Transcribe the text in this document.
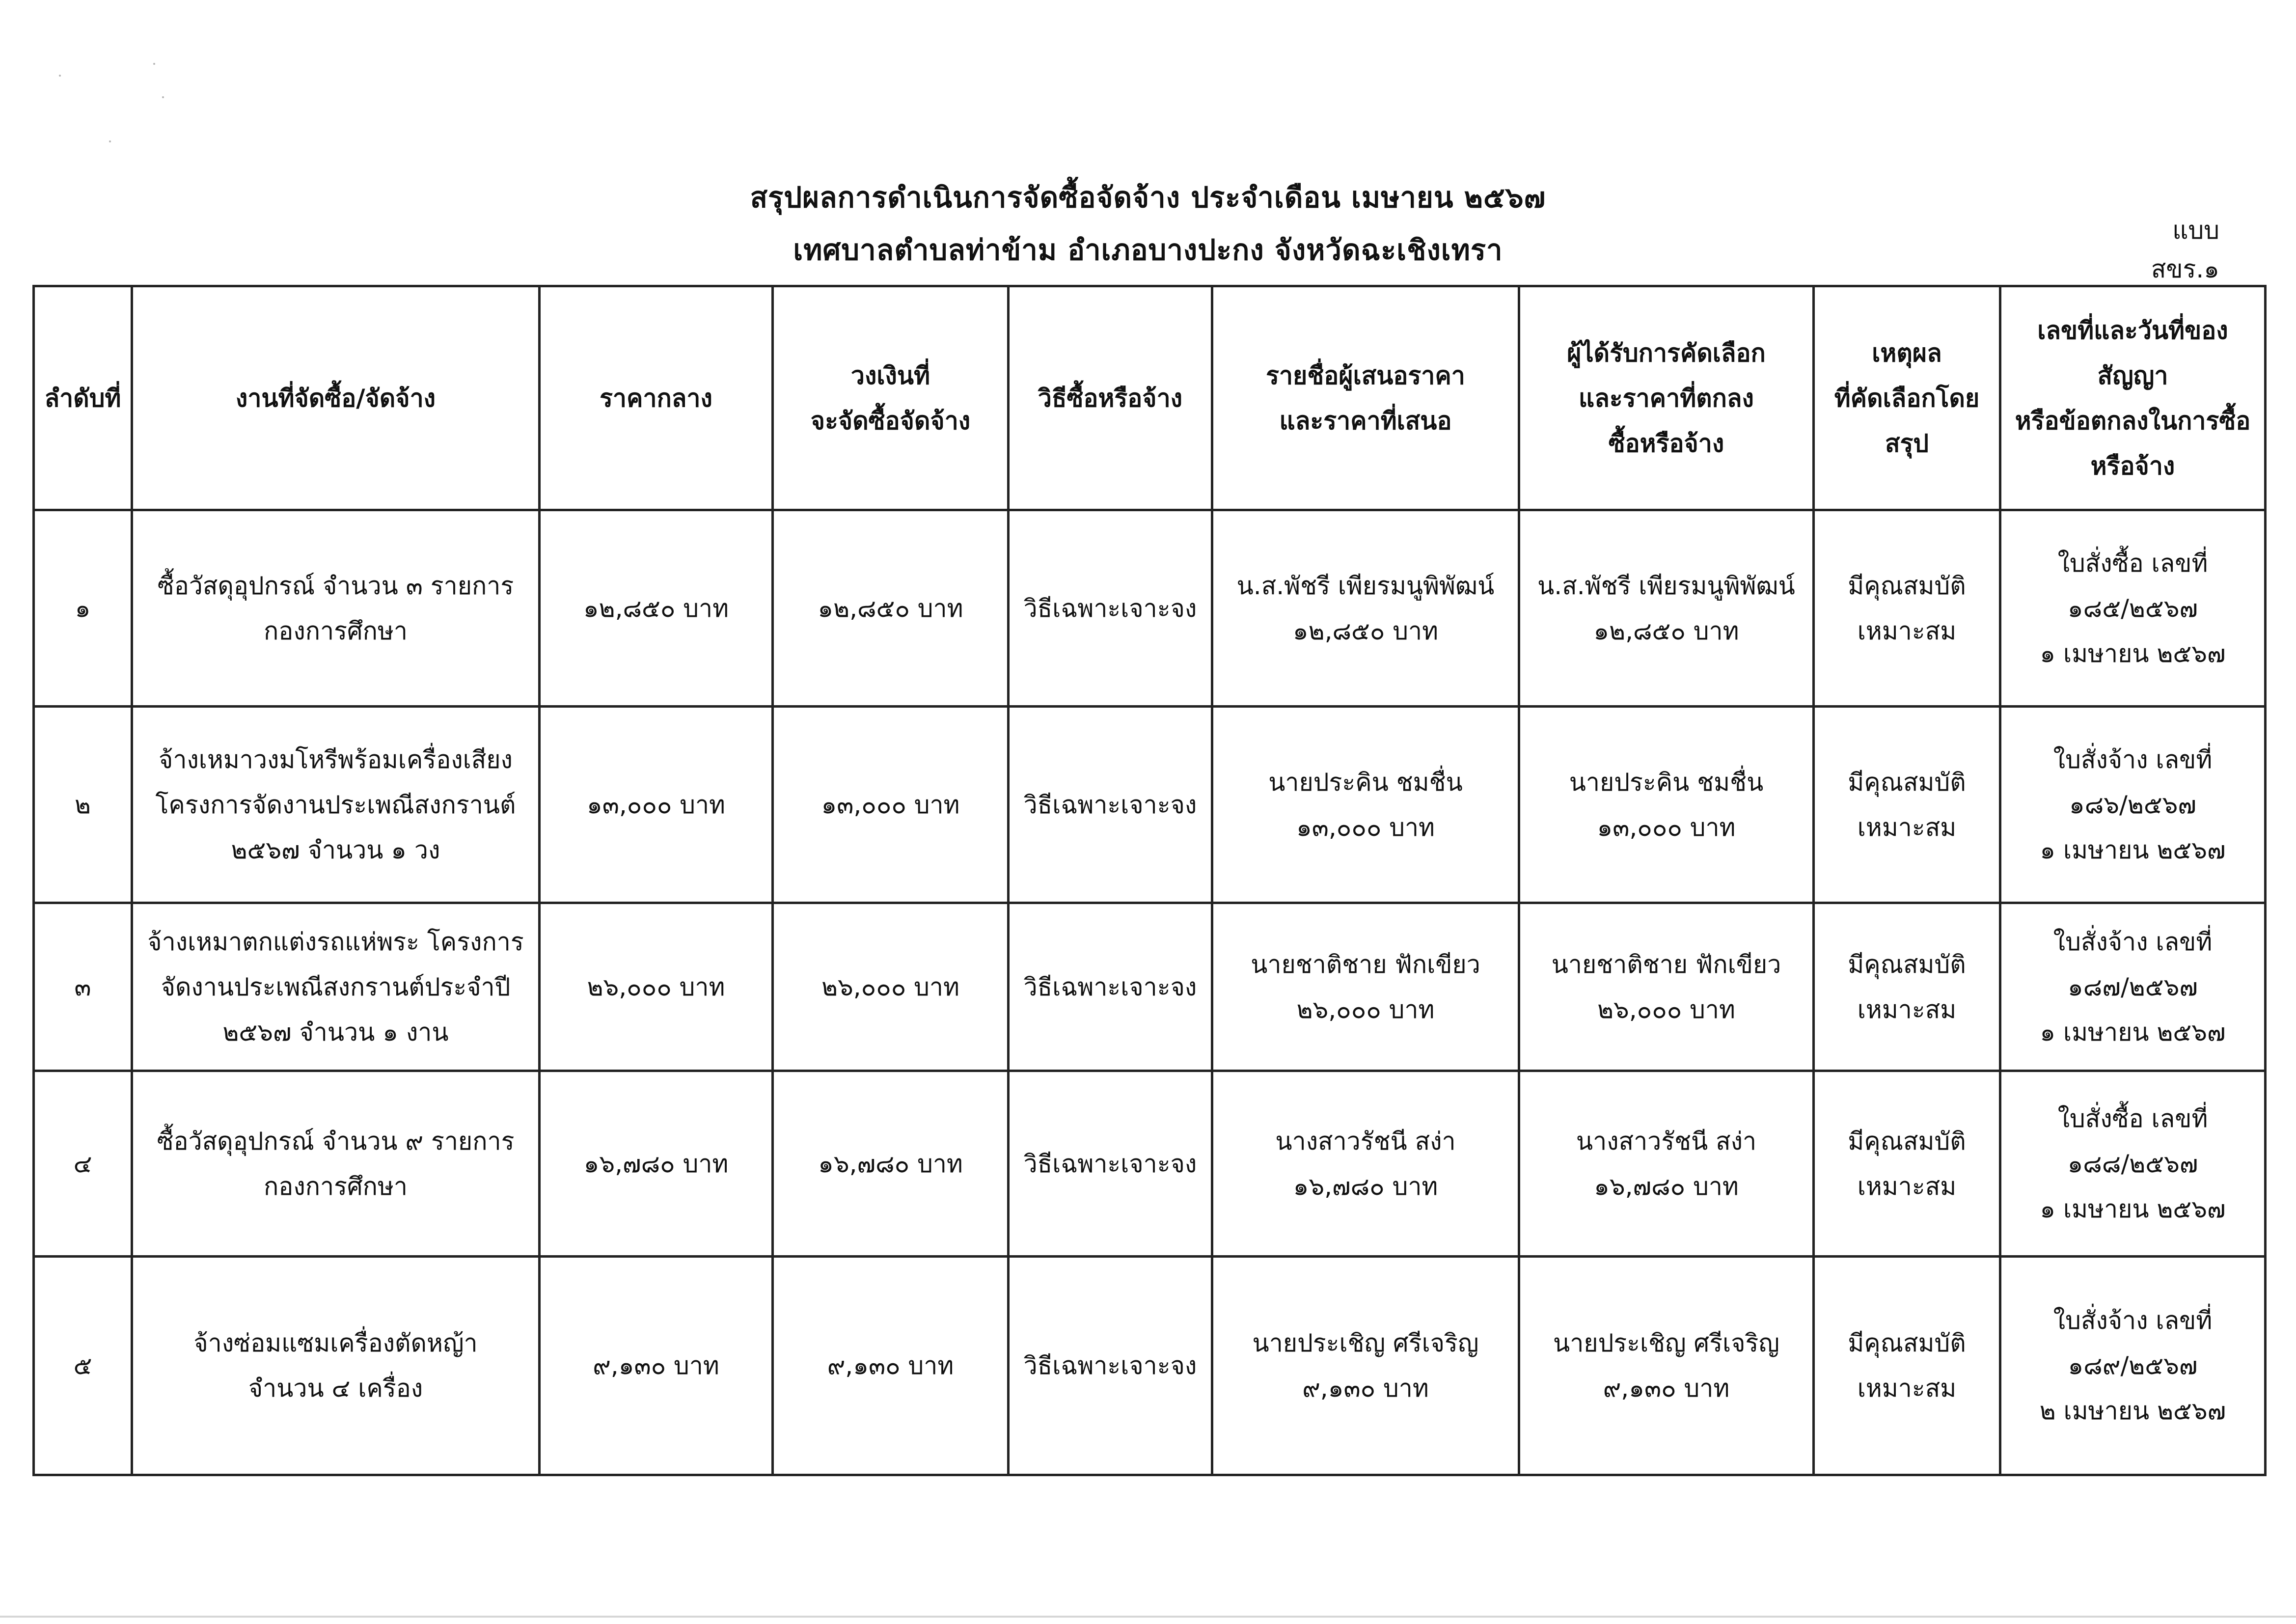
สรุปผลการดำเนินการจัดซื้อจัดจ้าง ประจำเดือน เมษายน ๒๕๖๗
เทศบาลตำบลท่าข้าม อำเภอบางปะกง จังหวัดฉะเชิงเทรา
แบบ สขร.๑
ลำดับที่	งานที่จัดซื้อ/จัดจ้าง	ราคากลาง	วงเงินที่
จะจัดซื้อจัดจ้าง	วิธีซื้อหรือจ้าง	รายชื่อผู้เสนอราคา
และราคาที่เสนอ	ผู้ได้รับการคัดเลือก
และราคาที่ตกลง
ซื้อหรือจ้าง	เหตุผล
ที่คัดเลือกโดย
สรุป	เลขที่และวันที่ของ
สัญญา
หรือข้อตกลงในการซื้อ
หรือจ้าง

๑	ซื้อวัสดุอุปกรณ์ จำนวน ๓ รายการ
กองการศึกษา	๑๒,๘๕๐ บาท	๑๒,๘๕๐ บาท	วิธีเฉพาะเจาะจง	น.ส.พัชรี เพียรมนูพิพัฒน์
๑๒,๘๕๐ บาท	น.ส.พัชรี เพียรมนูพิพัฒน์
๑๒,๘๕๐ บาท	มีคุณสมบัติ
เหมาะสม	ใบสั่งซื้อ เลขที่
๑๘๕/๒๕๖๗
๑ เมษายน ๒๕๖๗

๒	จ้างเหมาวงมโหรีพร้อมเครื่องเสียง
โครงการจัดงานประเพณีสงกรานต์
๒๕๖๗ จำนวน ๑ วง	๑๓,๐๐๐ บาท	๑๓,๐๐๐ บาท	วิธีเฉพาะเจาะจง	นายประคิน ชมชื่น
๑๓,๐๐๐ บาท	นายประคิน ชมชื่น
๑๓,๐๐๐ บาท	มีคุณสมบัติ
เหมาะสม	ใบสั่งจ้าง เลขที่
๑๘๖/๒๕๖๗
๑ เมษายน ๒๕๖๗

๓	จ้างเหมาตกแต่งรถแห่พระ โครงการ
จัดงานประเพณีสงกรานต์ประจำปี
๒๕๖๗ จำนวน ๑ งาน	๒๖,๐๐๐ บาท	๒๖,๐๐๐ บาท	วิธีเฉพาะเจาะจง	นายชาติชาย ฟักเขียว
๒๖,๐๐๐ บาท	นายชาติชาย ฟักเขียว
๒๖,๐๐๐ บาท	มีคุณสมบัติ
เหมาะสม	ใบสั่งจ้าง เลขที่
๑๘๗/๒๕๖๗
๑ เมษายน ๒๕๖๗

๔	ซื้อวัสดุอุปกรณ์ จำนวน ๙ รายการ
กองการศึกษา	๑๖,๗๘๐ บาท	๑๖,๗๘๐ บาท	วิธีเฉพาะเจาะจง	นางสาวรัชนี สง่า
๑๖,๗๘๐ บาท	นางสาวรัชนี สง่า
๑๖,๗๘๐ บาท	มีคุณสมบัติ
เหมาะสม	ใบสั่งซื้อ เลขที่
๑๘๘/๒๕๖๗
๑ เมษายน ๒๕๖๗

๕	จ้างซ่อมแซมเครื่องตัดหญ้า
จำนวน ๔ เครื่อง	๙,๑๓๐ บาท	๙,๑๓๐ บาท	วิธีเฉพาะเจาะจง	นายประเชิญ ศรีเจริญ
๙,๑๓๐ บาท	นายประเชิญ ศรีเจริญ
๙,๑๓๐ บาท	มีคุณสมบัติ
เหมาะสม	ใบสั่งจ้าง เลขที่
๑๘๙/๒๕๖๗
๒ เมษายน ๒๕๖๗
